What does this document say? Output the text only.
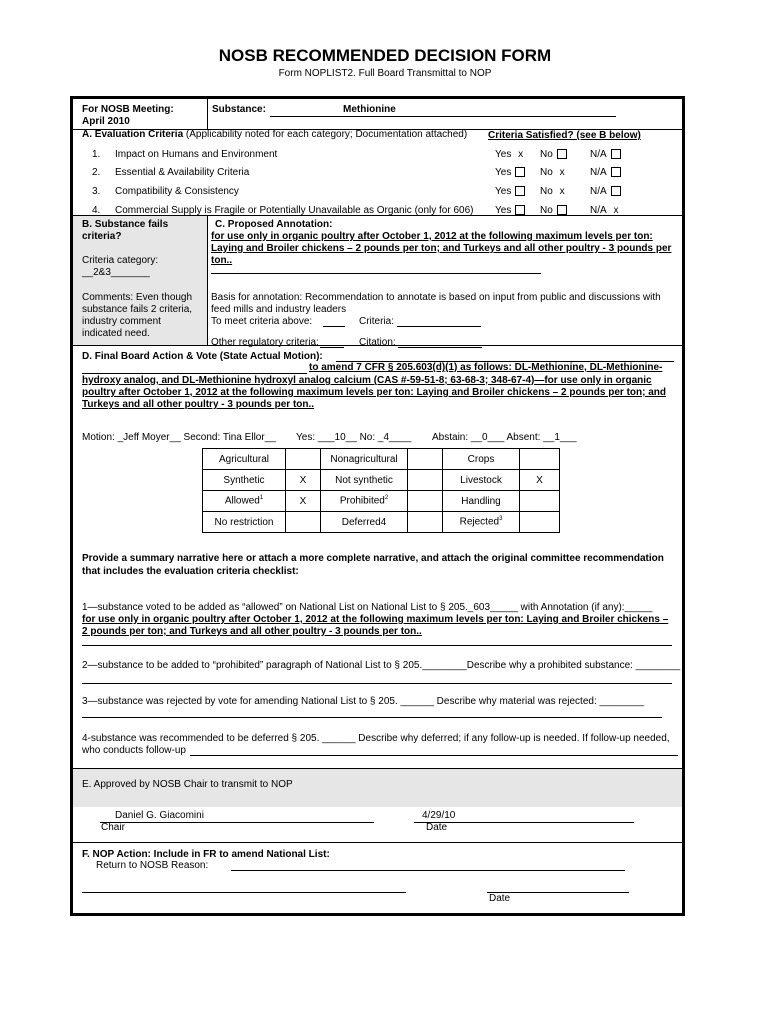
NOSB RECOMMENDED DECISION FORM
Form NOPLIST2. Full Board Transmittal to NOP
For NOSB Meeting:
April 2010
Substance:	Methionine
A. Evaluation Criteria (Applicability noted for each category; Documentation attached) Criteria Satisfied? (see B below)
1. Impact on Humans and Environment	Yes x No	N/A
2. Essential & Availability Criteria	Yes	No x	N/A
3. Compatibility & Consistency	Yes	No x	N/A
4. Commercial Supply is Fragile or Potentially Unavailable as Organic (only for 606) Yes	No	N/A x
B. Substance fails
criteria?
Criteria category:
__2&3_______
Comments: Even though
substance fails 2 criteria,
industry comment
indicated need.
C. Proposed Annotation:
for use only in organic poultry after October 1, 2012 at the following maximum levels per ton:
Laying and Broiler chickens – 2 pounds per ton; and Turkeys and all other poultry - 3 pounds per
ton..
Basis for annotation: Recommendation to annotate is based on input from public and discussions with
feed mills and industry leaders
To meet criteria above:	Criteria:
Other regulatory criteria:	Citation:
D. Final Board Action & Vote (State Actual Motion):
to amend 7 CFR § 205.603(d)(1) as follows: DL-Methionine, DL-Methionine-
hydroxy analog, and DL-Methionine hydroxyl analog calcium (CAS #-59-51-8; 63-68-3; 348-67-4)—for use only in organic
poultry after October 1, 2012 at the following maximum levels per ton: Laying and Broiler chickens – 2 pounds per ton; and
Turkeys and all other poultry - 3 pounds per ton..
Motion: _Jeff Moyer__ Second: Tina Ellor__ Yes: ___10__ No: _4____ Abstain: __0___ Absent: __1___
Agricultural		Nonagricultural		Crops	
Synthetic	X	Not synthetic		Livestock	X
Allowed$^1$	X	Prohibited$^2$		Handling	
No restriction		Deferred4		Rejected$^3$	
Provide a summary narrative here or attach a more complete narrative, and attach the original committee recommendation
that includes the evaluation criteria checklist:
1—substance voted to be added as “allowed” on National List on National List to § 205._603_____ with Annotation (if any):_____
for use only in organic poultry after October 1, 2012 at the following maximum levels per ton: Laying and Broiler chickens –
2 pounds per ton; and Turkeys and all other poultry - 3 pounds per ton..
2—substance to be added to “prohibited” paragraph of National List to § 205.________Describe why a prohibited substance: ________
3—substance was rejected by vote for amending National List to § 205. ______ Describe why material was rejected: ________
4-substance was recommended to be deferred § 205. ______ Describe why deferred; if any follow-up is needed. If follow-up needed,
who conducts follow-up
E. Approved by NOSB Chair to transmit to NOP
Daniel G. Giacomini
Chair
4/29/10
Date
F. NOP Action: Include in FR to amend National List:
Return to NOSB Reason:
Date
